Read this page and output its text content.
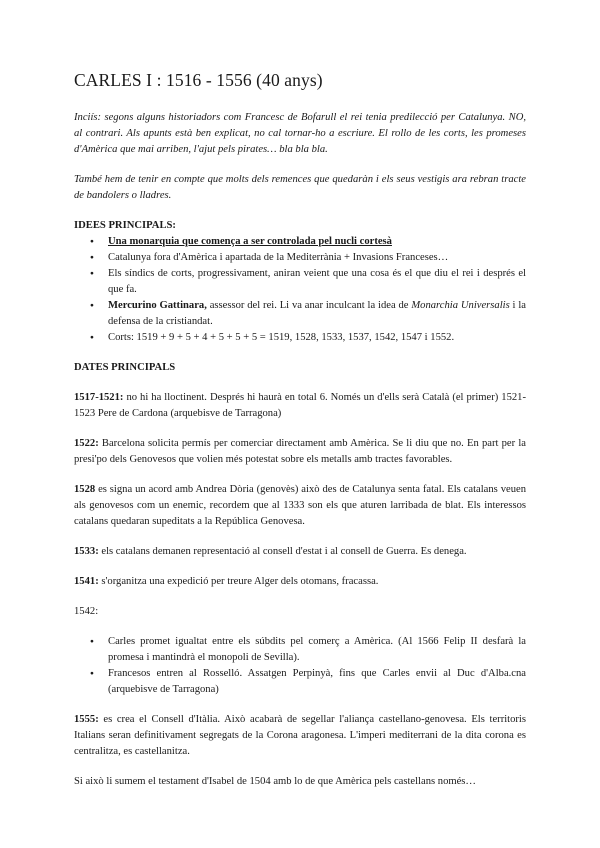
CARLES I : 1516 - 1556 (40 anys)

Inciís: segons alguns historiadors com Francesc de Bofarull el rei tenia predilecció per Catalunya. NO, al contrari. Als apunts està ben explicat, no cal tornar-ho a escriure. El rollo de les corts, les promeses d'Amèrica que mai arriben, l'ajut pels pirates… bla bla bla.

També hem de tenir en compte que molts dels remences que quedaràn i els seus vestigis ara rebran tracte de bandolers o lladres.

IDEES PRINCIPALS:
● Una monarquia que comença a ser controlada pel nucli cortesà
● Catalunya fora d'Amèrica i apartada de la Mediterrània + Invasions Franceses…
● Els síndics de corts, progressivament, aniran veient que una cosa és el que diu el rei i després el que fa.
● Mercurino Gattinara, assessor del rei. Li va anar inculcant la idea de Monarchia Universalis i la defensa de la cristiandat.
● Corts: 1519 + 9 + 5 + 4 + 5 + 5 + 5 = 1519, 1528, 1533, 1537, 1542, 1547 i 1552.
DATES PRINCIPALS

1517-1521: no hi ha lloctinent. Després hi haurà en total 6. Només un d'ells serà Català (el primer) 1521-1523 Pere de Cardona (arquebisve de Tarragona)

1522: Barcelona solicita permís per comerciar directament amb Amèrica. Se li diu que no. En part per la presi'po dels Genovesos que volien més potestat sobre els metalls amb tractes favorables.

1528 es signa un acord amb Andrea Dòria (genovès) això des de Catalunya senta fatal. Els catalans veuen als genovesos com un enemic, recordem que al 1333 son els que aturen larribada de blat. Els interessos catalans quedaran supeditats a la República Genovesa.

1533: els catalans demanen representació al consell d'estat i al consell de Guerra. Es denega.

1541: s'organitza una expedició per treure Alger dels otomans, fracassa.

1542:

● Carles promet igualtat entre els súbdits pel comerç a Amèrica. (Al 1566 Felip II desfarà la promesa i mantindrà el monopoli de Sevilla).
● Francesos entren al Rosselló. Assatgen Perpinyà, fins que Carles envii al Duc d'Alba.cna (arquebisve de Tarragona)

1555: es crea el Consell d'Itàlia. Això acabarà de segellar l'aliança castellano-genovesa. Els territoris Italians seran definitivament segregats de la Corona aragonesa. L'imperi mediterrani de la dita corona es centralitza, es castellanitza.

Si això li sumem el testament d'Isabel de 1504 amb lo de que Amèrica pels castellans només…
